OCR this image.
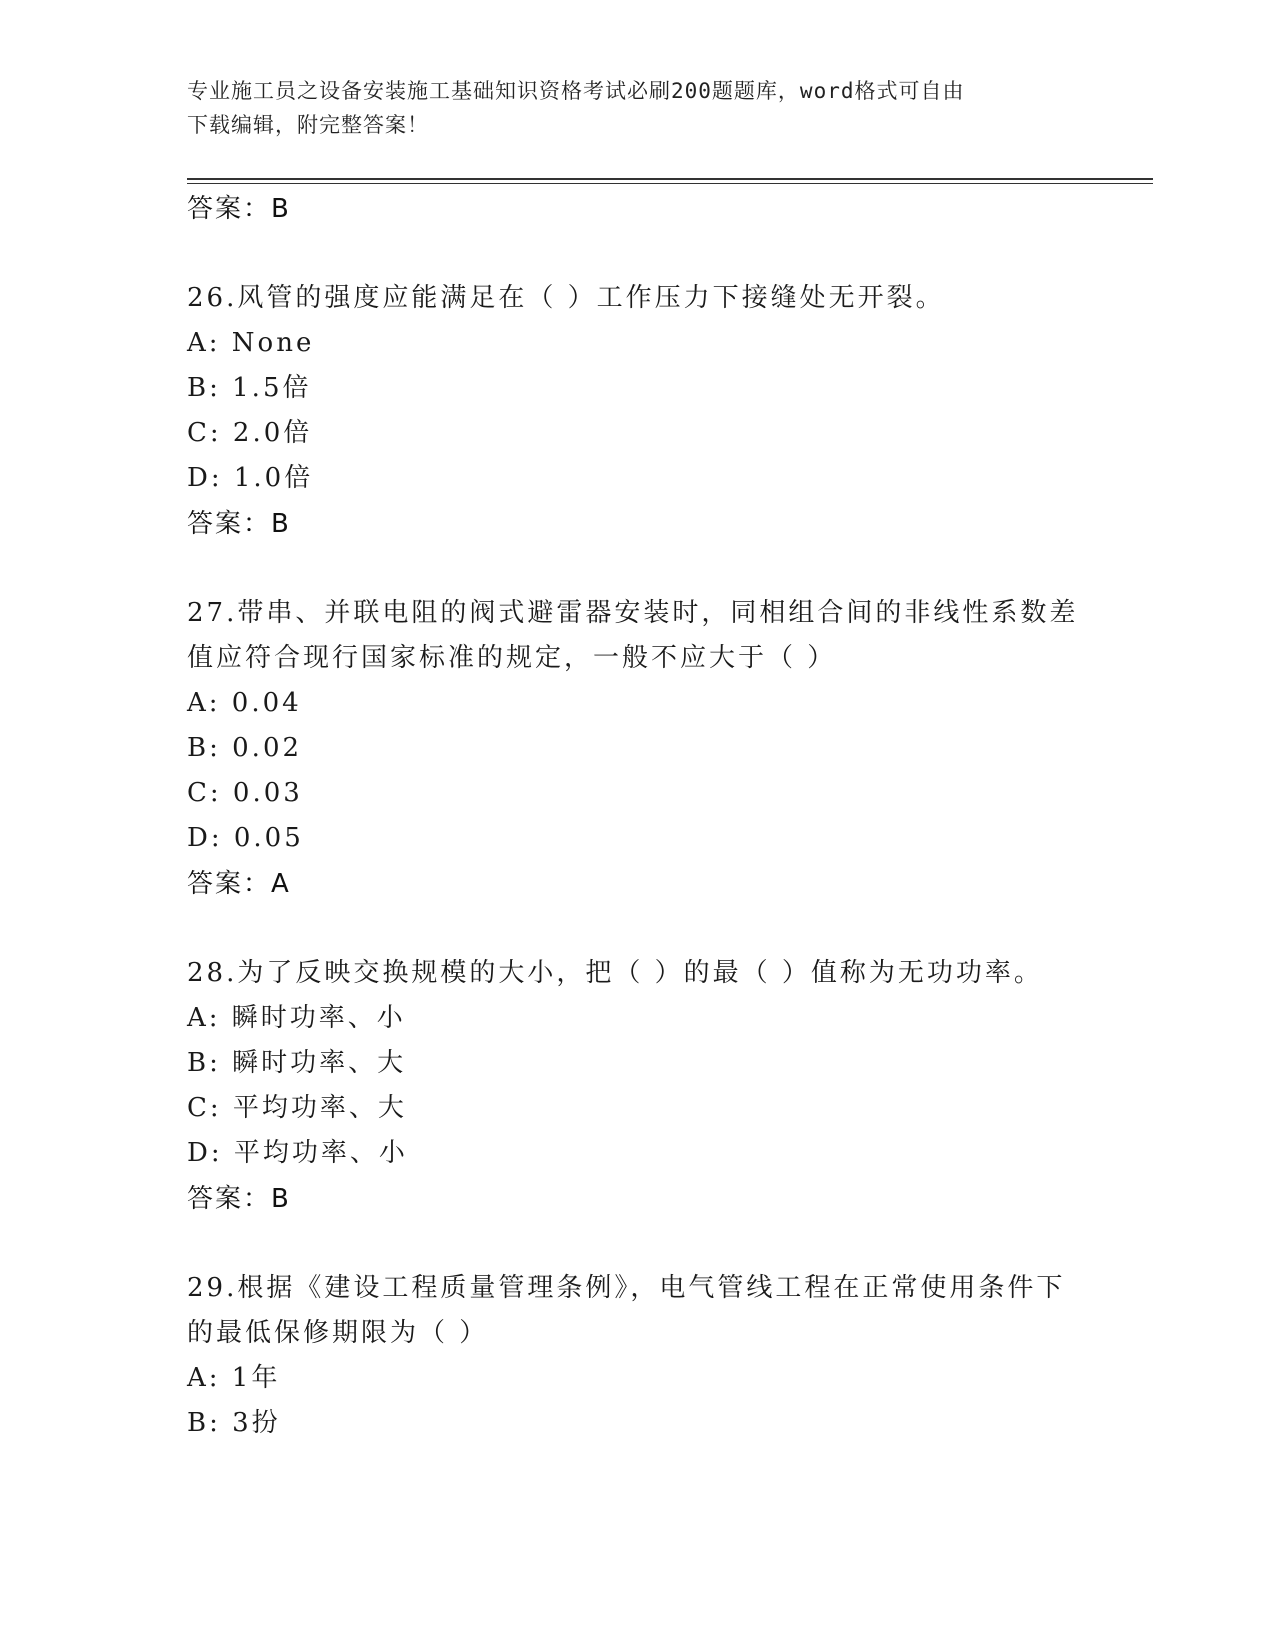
专业施工员之设备安装施工基础知识资格考试必刷200题题库，word格式可自由
下载编辑，附完整答案！
答案：B
26.风管的强度应能满足在（ ）工作压力下接缝处无开裂。
A: None
B: 1.5倍
C: 2.0倍
D: 1.0倍
答案：B
27.带串、并联电阻的阀式避雷器安装时，同相组合间的非线性系数差
值应符合现行国家标准的规定，一般不应大于（ ）
A: 0.04
B: 0.02
C: 0.03
D: 0.05
答案：A
28.为了反映交换规模的大小，把（ ）的最（ ）值称为无功功率。
A: 瞬时功率、小
B: 瞬时功率、大
C: 平均功率、大
D: 平均功率、小
答案：B
29.根据《建设工程质量管理条例》，电气管线工程在正常使用条件下
的最低保修期限为（ ）
A: 1年
B: 3扮
